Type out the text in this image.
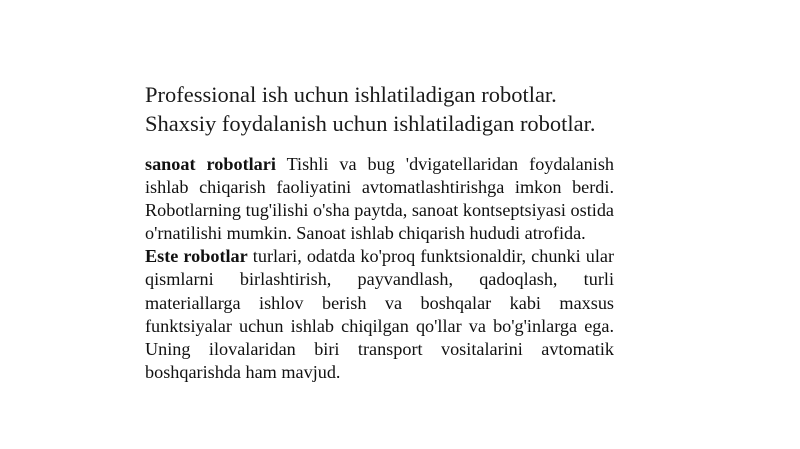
Professional ish uchun ishlatiladigan robotlar.
Shaxsiy foydalanish uchun ishlatiladigan robotlar.

sanoat robotlari Tishli va bug 'dvigatellaridan foydalanish ishlab chiqarish faoliyatini avtomatlashtirishga imkon berdi. Robotlarning tug'ilishi o'sha paytda, sanoat kontseptsiyasi ostida o'rnatilishi mumkin. Sanoat ishlab chiqarish hududi atrofida.

Este robotlar turlari, odatda ko'proq funktsionaldir, chunki ular qismlarni birlashtirish, payvandlash, qadoqlash, turli materiallarga ishlov berish va boshqalar kabi maxsus funktsiyalar uchun ishlab chiqilgan qo'llar va bo'g'inlarga ega. Uning ilovalaridan biri transport vositalarini avtomatik boshqarishda ham mavjud.
